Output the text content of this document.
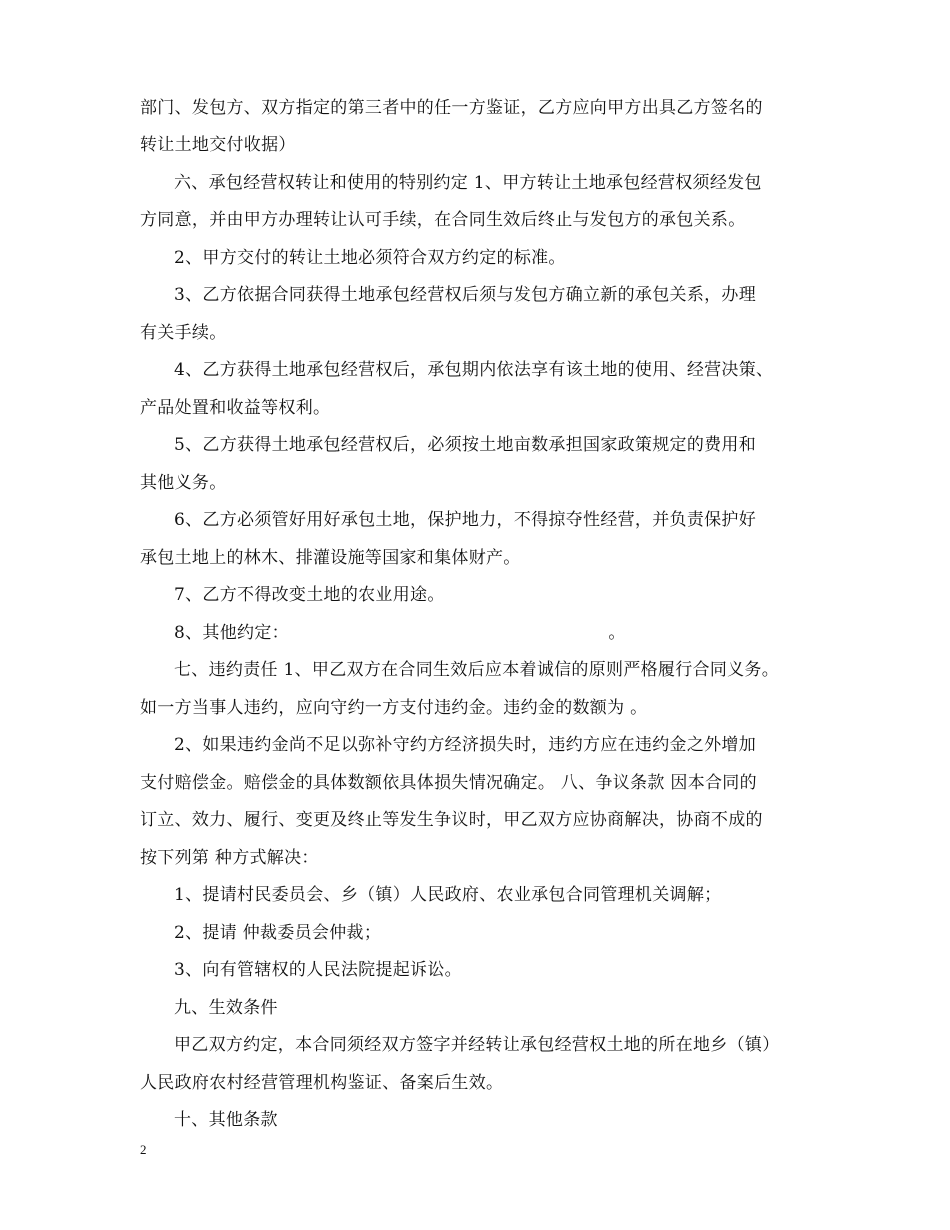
部门、发包方、双方指定的第三者中的任一方鉴证，乙方应向甲方出具乙方签名的
转让土地交付收据）
六、承包经营权转让和使用的特别约定 1、甲方转让土地承包经营权须经发包
方同意，并由甲方办理转让认可手续，在合同生效后终止与发包方的承包关系。
2、甲方交付的转让土地必须符合双方约定的标准。
3、乙方依据合同获得土地承包经营权后须与发包方确立新的承包关系，办理
有关手续。
4、乙方获得土地承包经营权后，承包期内依法享有该土地的使用、经营决策、
产品处置和收益等权利。
5、乙方获得土地承包经营权后，必须按土地亩数承担国家政策规定的费用和
其他义务。
6、乙方必须管好用好承包土地，保护地力，不得掠夺性经营，并负责保护好
承包土地上的林木、排灌设施等国家和集体财产。
7、乙方不得改变土地的农业用途。
8、其他约定：                                                        。
七、违约责任 1、甲乙双方在合同生效后应本着诚信的原则严格履行合同义务。
如一方当事人违约，应向守约一方支付违约金。违约金的数额为 。
2、如果违约金尚不足以弥补守约方经济损失时，违约方应在违约金之外增加
支付赔偿金。赔偿金的具体数额依具体损失情况确定。 八、争议条款 因本合同的
订立、效力、履行、变更及终止等发生争议时，甲乙双方应协商解决，协商不成的
按下列第 种方式解决：
1、提请村民委员会、乡（镇）人民政府、农业承包合同管理机关调解；
2、提请 仲裁委员会仲裁；
3、向有管辖权的人民法院提起诉讼。
九、生效条件
甲乙双方约定，本合同须经双方签字并经转让承包经营权土地的所在地乡（镇）
人民政府农村经营管理机构鉴证、备案后生效。
十、其他条款
2
